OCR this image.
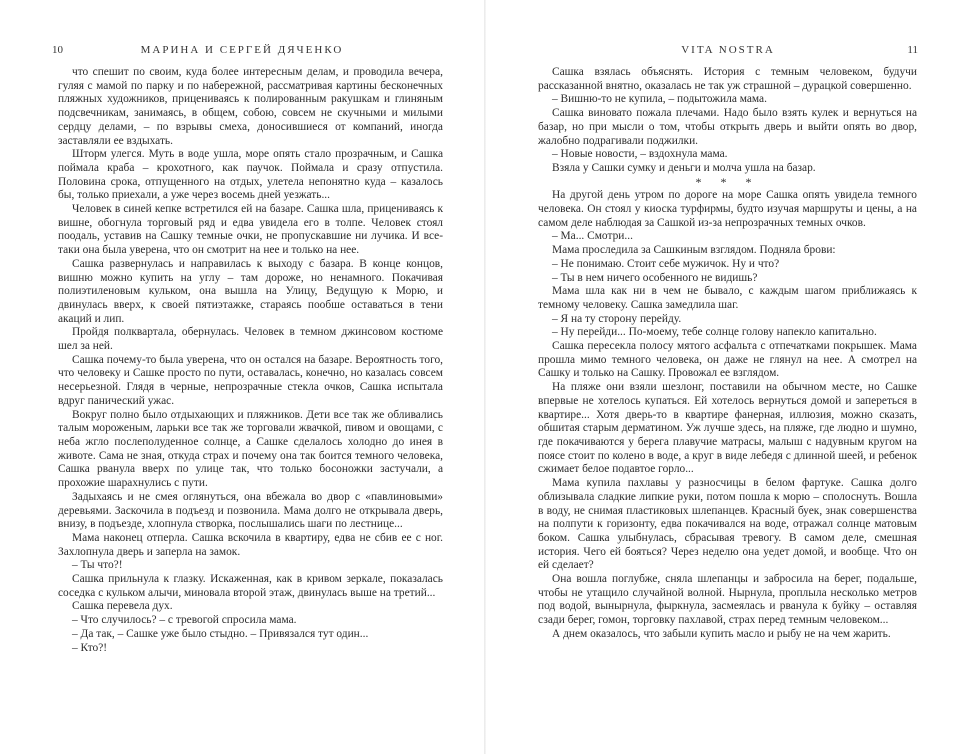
10	МАРИНА И СЕРГЕЙ ДЯЧЕНКО

что спешит по своим, куда более интересным делам, и проводила вечера, гуляя с мамой по парку и по набережной, рассматривая картины бесконечных пляжных художников, прицениваясь к полированным ракушкам и глиняным подсвечникам, занимаясь, в общем, собою, совсем не скучными и милыми сердцу делами, – по взрывы смеха, доносившиеся от компаний, иногда заставляли ее вздыхать.

Шторм улегся. Муть в воде ушла, море опять стало прозрачным, и Сашка поймала краба – крохотного, как паучок. Поймала и сразу отпустила. Половина срока, отпущенного на отдых, улетела непонятно куда – казалось бы, только приехали, а уже через восемь дней уезжать...

Человек в синей кепке встретился ей на базаре. Сашка шла, прицениваясь к вишне, обогнула торговый ряд и едва увидела его в толпе. Человек стоял поодаль, уставив на Сашку темные очки, не пропускавшие ни лучика. И все-таки она была уверена, что он смотрит на нее и только на нее.

Сашка развернулась и направилась к выходу с базара. В конце концов, вишню можно купить на углу – там дороже, но ненамного. Покачивая полиэтиленовым кульком, она вышла на Улицу, Ведущую к Морю, и двинулась вверх, к своей пятиэтажке, стараясь пообше оставаться в тени акаций и лип.

Пройдя полквартала, обернулась. Человек в темном джинсовом костюме шел за ней.

Сашка почему-то была уверена, что он остался на базаре. Вероятность того, что человеку и Сашке просто по пути, оставалась, конечно, но казалась совсем несерьезной. Глядя в черные, непрозрачные стекла очков, Сашка испытала вдруг панический ужас.

Вокруг полно было отдыхающих и пляжников. Дети все так же обливались талым мороженым, ларьки все так же торговали жвачкой, пивом и овощами, с неба жгло послеполуденное солнце, а Сашке сделалось холодно до инея в животе. Сама не зная, откуда страх и почему она так боится темного человека, Сашка рванула вверх по улице так, что только босоножки застучали, а прохожие шарахнулись с пути.

Задыхаясь и не смея оглянуться, она вбежала во двор с «павлиновыми» деревьями. Заскочила в подъезд и позвонила. Мама долго не открывала дверь, внизу, в подъезде, хлопнула створка, послышались шаги по лестнице...

Мама наконец отперла. Сашка вскочила в квартиру, едва не сбив ее с ног. Захлопнула дверь и заперла на замок.

– Ты что?!

Сашка прильнула к глазку. Искаженная, как в кривом зеркале, показалась соседка с кульком алычи, миновала второй этаж, двинулась выше на третий...

Сашка перевела дух.

– Что случилось? – с тревогой спросила мама.

– Да так, – Сашке уже было стыдно. – Привязался тут один...

– Кто?!

VITA NOSTRA	11

Сашка взялась объяснять. История с темным человеком, будучи рассказанной внятно, оказалась не так уж страшной – дурацкой совершенно.

– Вишню-то не купила, – подытожила мама.

Сашка виновато пожала плечами. Надо было взять кулек и вернуться на базар, но при мысли о том, чтобы открыть дверь и выйти опять во двор, жалобно подрагивали поджилки.

– Новые новости, – вздохнула мама.

Взяла у Сашки сумку и деньги и молча ушла на базар.

* * *

На другой день утром по дороге на море Сашка опять увидела темного человека. Он стоял у киоска турфирмы, будто изучая маршруты и цены, а на самом деле наблюдая за Сашкой из-за непрозрачных темных очков.

– Ма... Смотри...

Мама проследила за Сашкиным взглядом. Подняла брови:

– Не понимаю. Стоит себе мужичок. Ну и что?

– Ты в нем ничего особенного не видишь?

Мама шла как ни в чем не бывало, с каждым шагом приближаясь к темному человеку. Сашка замедлила шаг.

– Я на ту сторону перейду.

– Ну перейди... По-моему, тебе солнце голову напекло капитально.

Сашка пересекла полосу мятого асфальта с отпечатками покрышек. Мама прошла мимо темного человека, он даже не глянул на нее. А смотрел на Сашку и только на Сашку. Провожал ее взглядом.

На пляже они взяли шезлонг, поставили на обычном месте, но Сашке впервые не хотелось купаться. Ей хотелось вернуться домой и запереться в квартире... Хотя дверь-то в квартире фанерная, иллюзия, можно сказать, обшитая старым дерматином. Уж лучше здесь, на пляже, где людно и шумно, где покачиваются у берега плавучие матрасы, малыш с надувным кругом на поясе стоит по колено в воде, а круг в виде лебедя с длинной шеей, и ребенок сжимает белое подавтое горло...

Мама купила пахлавы у разносчицы в белом фартуке. Сашка долго облизывала сладкие липкие руки, потом пошла к морю – сполоснуть. Вошла в воду, не снимая пластиковых шлепанцев. Красный буек, знак совершенства на полпути к горизонту, едва покачивался на воде, отражал солнце матовым боком. Сашка улыбнулась, сбрасывая тревогу. В самом деле, смешная история. Чего ей бояться? Через неделю она уедет домой, и вообще. Что он ей сделает?

Она вошла поглубже, сняла шлепанцы и забросила на берег, подальше, чтобы не утащило случайной волной. Нырнула, проплыла несколько метров под водой, вынырнула, фыркнула, засмеялась и рванула к буйку – оставляя сзади берег, гомон, торговку пахлавой, страх перед темным человеком...

А днем оказалось, что забыли купить масло и рыбу не на чем жарить.
